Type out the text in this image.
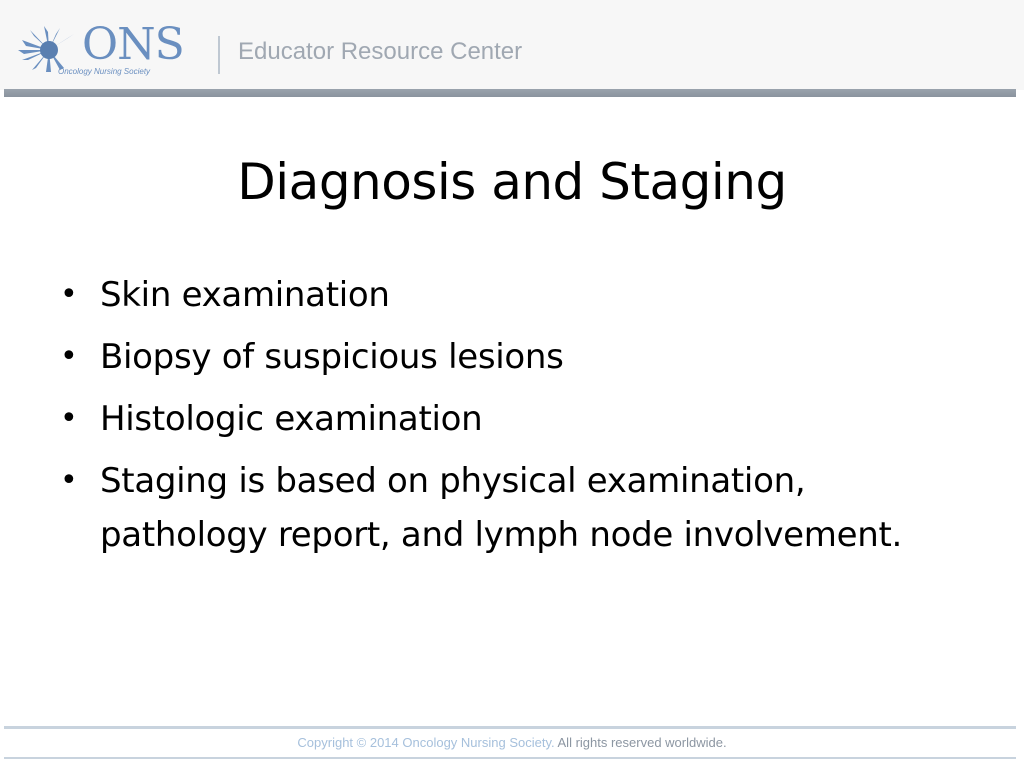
ONS
Oncology Nursing Society
Educator Resource Center
Diagnosis and Staging
• Skin examination
• Biopsy of suspicious lesions
• Histologic examination
• Staging is based on physical examination, pathology report, and lymph node involvement.
Copyright © 2014 Oncology Nursing Society. All rights reserved worldwide.
